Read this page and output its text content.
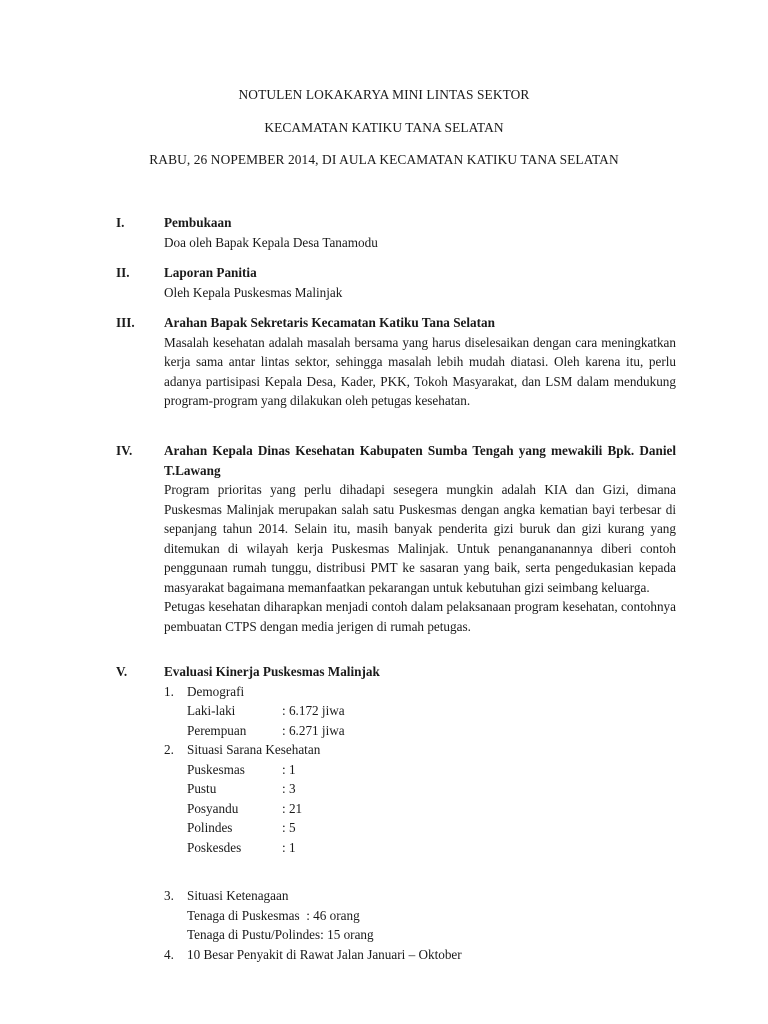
NOTULEN LOKAKARYA MINI LINTAS SEKTOR
KECAMATAN KATIKU TANA SELATAN
RABU, 26 NOPEMBER 2014, DI AULA KECAMATAN KATIKU TANA SELATAN
I.	Pembukaan
Doa oleh Bapak Kepala Desa Tanamodu
II.	Laporan Panitia
Oleh Kepala Puskesmas Malinjak
III. Arahan Bapak Sekretaris Kecamatan Katiku Tana Selatan
Masalah kesehatan adalah masalah bersama yang harus diselesaikan dengan cara meningkatkan kerja sama antar lintas sektor, sehingga masalah lebih mudah diatasi. Oleh karena itu, perlu adanya partisipasi Kepala Desa, Kader, PKK, Tokoh Masyarakat, dan LSM dalam mendukung program-program yang dilakukan oleh petugas kesehatan.
IV. Arahan Kepala Dinas Kesehatan Kabupaten Sumba Tengah yang mewakili Bpk. Daniel T.Lawang
Program prioritas yang perlu dihadapi sesegera mungkin adalah KIA dan Gizi, dimana Puskesmas Malinjak merupakan salah satu Puskesmas dengan angka kematian bayi terbesar di sepanjang tahun 2014. Selain itu, masih banyak penderita gizi buruk dan gizi kurang yang ditemukan di wilayah kerja Puskesmas Malinjak. Untuk penangananannya diberi contoh penggunaan rumah tunggu, distribusi PMT ke sasaran yang baik, serta pengedukasian kepada masyarakat bagaimana memanfaatkan pekarangan untuk kebutuhan gizi seimbang keluarga.
Petugas kesehatan diharapkan menjadi contoh dalam pelaksanaan program kesehatan, contohnya pembuatan CTPS dengan media jerigen di rumah petugas.
V.	Evaluasi Kinerja Puskesmas Malinjak
1. Demografi
Laki-laki	: 6.172 jiwa
Perempuan	: 6.271 jiwa
2. Situasi Sarana Kesehatan
Puskesmas	: 1
Pustu	: 3
Posyandu	: 21
Polindes	: 5
Poskesdes	: 1
3. Situasi Ketenagaan
Tenaga di Puskesmas  : 46 orang
Tenaga di Pustu/Polindes: 15 orang
4. 10 Besar Penyakit di Rawat Jalan Januari – Oktober
